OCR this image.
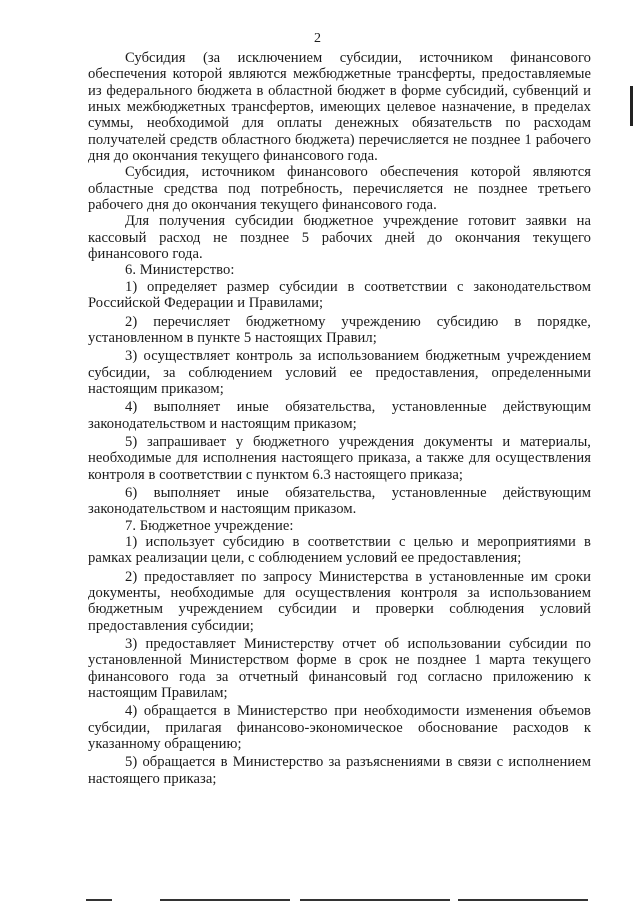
2

Субсидия (за исключением субсидии, источником финансового обеспечения которой являются межбюджетные трансферты, предоставляемые из федерального бюджета в областной бюджет в форме субсидий, субвенций и иных межбюджетных трансфертов, имеющих целевое назначение, в пределах суммы, необходимой для оплаты денежных обязательств по расходам получателей средств областного бюджета) перечисляется не позднее 1 рабочего дня до окончания текущего финансового года.

Субсидия, источником финансового обеспечения которой являются областные средства под потребность, перечисляется не позднее третьего рабочего дня до окончания текущего финансового года.

Для получения субсидии бюджетное учреждение готовит заявки на кассовый расход не позднее 5 рабочих дней до окончания текущего финансового года.

6. Министерство:

1) определяет размер субсидии в соответствии с законодательством Российской Федерации и Правилами;

2) перечисляет бюджетному учреждению субсидию в порядке, установленном в пункте 5 настоящих Правил;

3) осуществляет контроль за использованием бюджетным учреждением субсидии, за соблюдением условий ее предоставления, определенными настоящим приказом;

4) выполняет иные обязательства, установленные действующим законодательством и настоящим приказом;

5) запрашивает у бюджетного учреждения документы и материалы, необходимые для исполнения настоящего приказа, а также для осуществления контроля в соответствии с пунктом 6.3 настоящего приказа;

6) выполняет иные обязательства, установленные действующим законодательством и настоящим приказом.

7. Бюджетное учреждение:

1) использует субсидию в соответствии с целью и мероприятиями в рамках реализации цели, с соблюдением условий ее предоставления;

2) предоставляет по запросу Министерства в установленные им сроки документы, необходимые для осуществления контроля за использованием бюджетным учреждением субсидии и проверки соблюдения условий предоставления субсидии;

3) предоставляет Министерству отчет об использовании субсидии по установленной Министерством форме в срок не позднее 1 марта текущего финансового года за отчетный финансовый год согласно приложению к настоящим Правилам;

4) обращается в Министерство при необходимости изменения объемов субсидии, прилагая финансово-экономическое обоснование расходов к указанному обращению;

5) обращается в Министерство за разъяснениями в связи с исполнением настоящего приказа;
